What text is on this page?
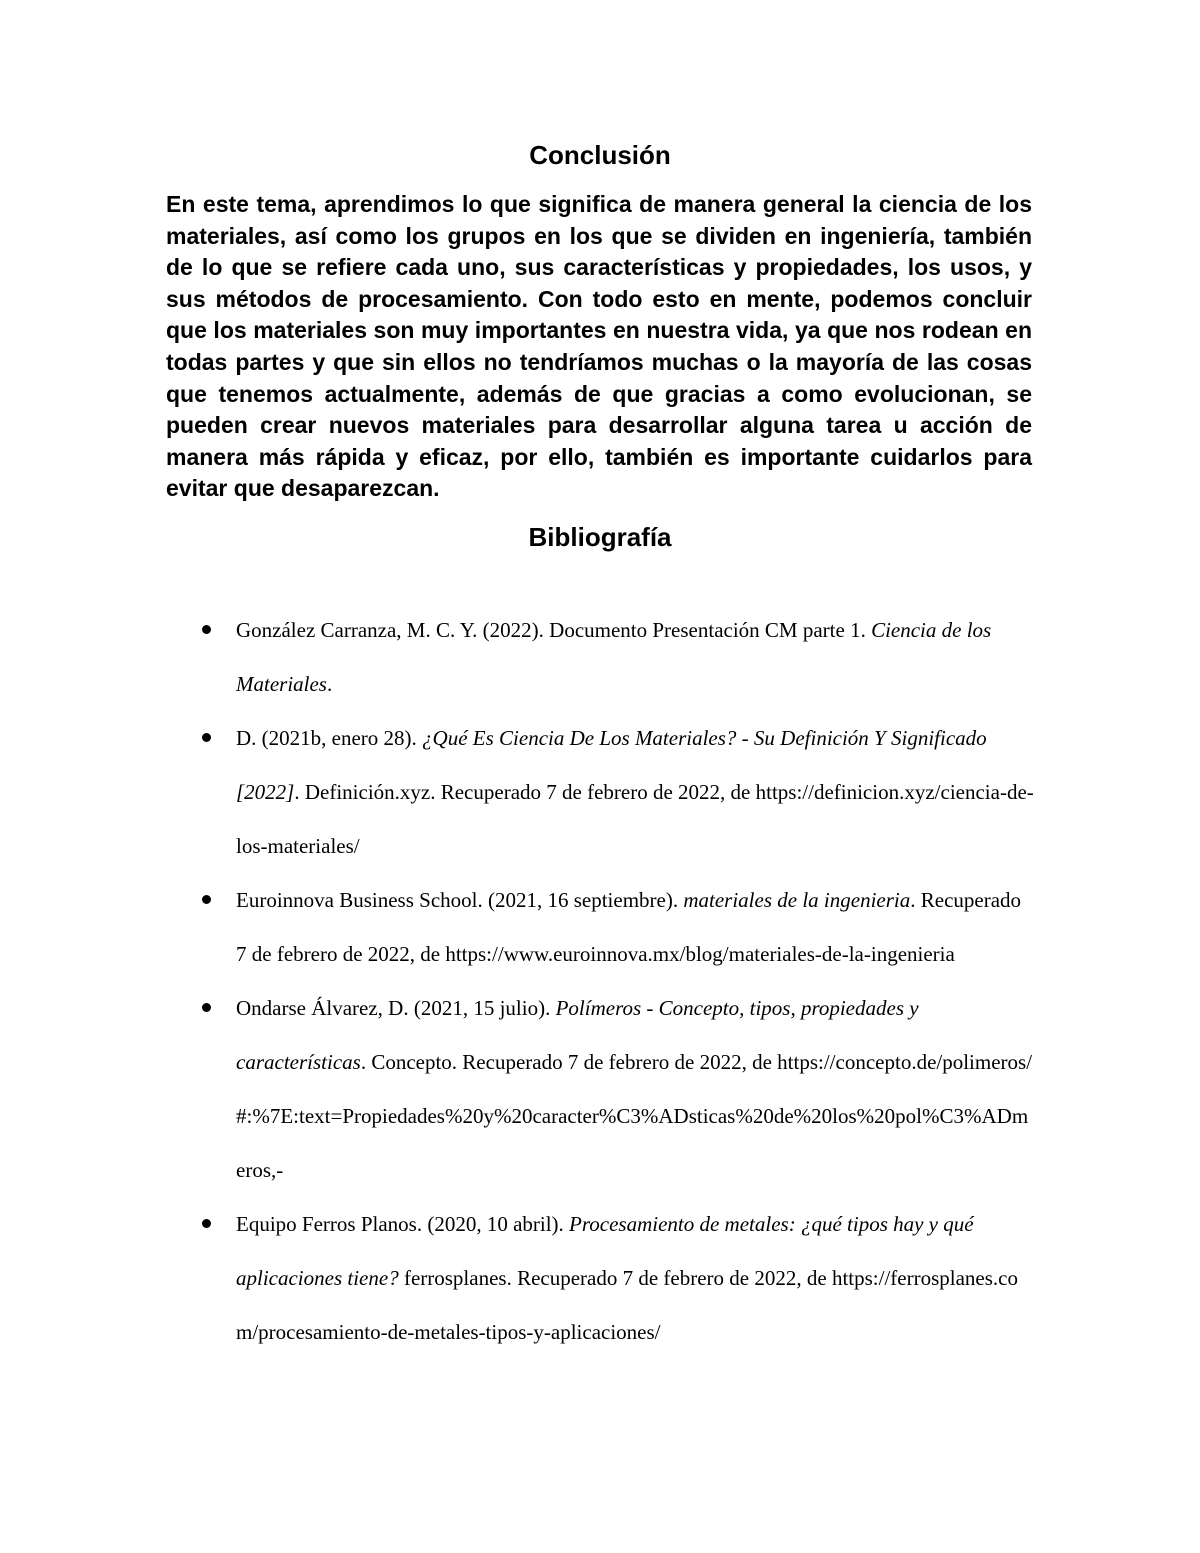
Conclusión

En este tema, aprendimos lo que significa de manera general la ciencia de los materiales, así como los grupos en los que se dividen en ingeniería, también de lo que se refiere cada uno, sus características y propiedades, los usos, y sus métodos de procesamiento. Con todo esto en mente, podemos concluir que los materiales son muy importantes en nuestra vida, ya que nos rodean en todas partes y que sin ellos no tendríamos muchas o la mayoría de las cosas que tenemos actualmente, además de que gracias a como evolucionan, se pueden crear nuevos materiales para desarrollar alguna tarea u acción de manera más rápida y eficaz, por ello, también es importante cuidarlos para evitar que desaparezcan.

Bibliografía
González Carranza, M. C. Y. (2022). Documento Presentación CM parte 1. Ciencia de los Materiales.
D. (2021b, enero 28). ¿Qué Es Ciencia De Los Materiales? - Su Definición Y Significado [2022]. Definición.xyz. Recuperado 7 de febrero de 2022, de https://definicion.xyz/ciencia-de-los-materiales/
Euroinnova Business School. (2021, 16 septiembre). materiales de la ingenieria. Recuperado 7 de febrero de 2022, de https://www.euroinnova.mx/blog/materiales-de-la-ingenieria
Ondarse Álvarez, D. (2021, 15 julio). Polímeros - Concepto, tipos, propiedades y características. Concepto. Recuperado 7 de febrero de 2022, de https://concepto.de/polimeros/#:%7E:text=Propiedades%20y%20caracter%C3%ADsticas%20de%20los%20pol%C3%ADmeros,-
Equipo Ferros Planos. (2020, 10 abril). Procesamiento de metales: ¿qué tipos hay y qué aplicaciones tiene? ferrosplanes. Recuperado 7 de febrero de 2022, de https://ferrosplanes.com/procesamiento-de-metales-tipos-y-aplicaciones/
